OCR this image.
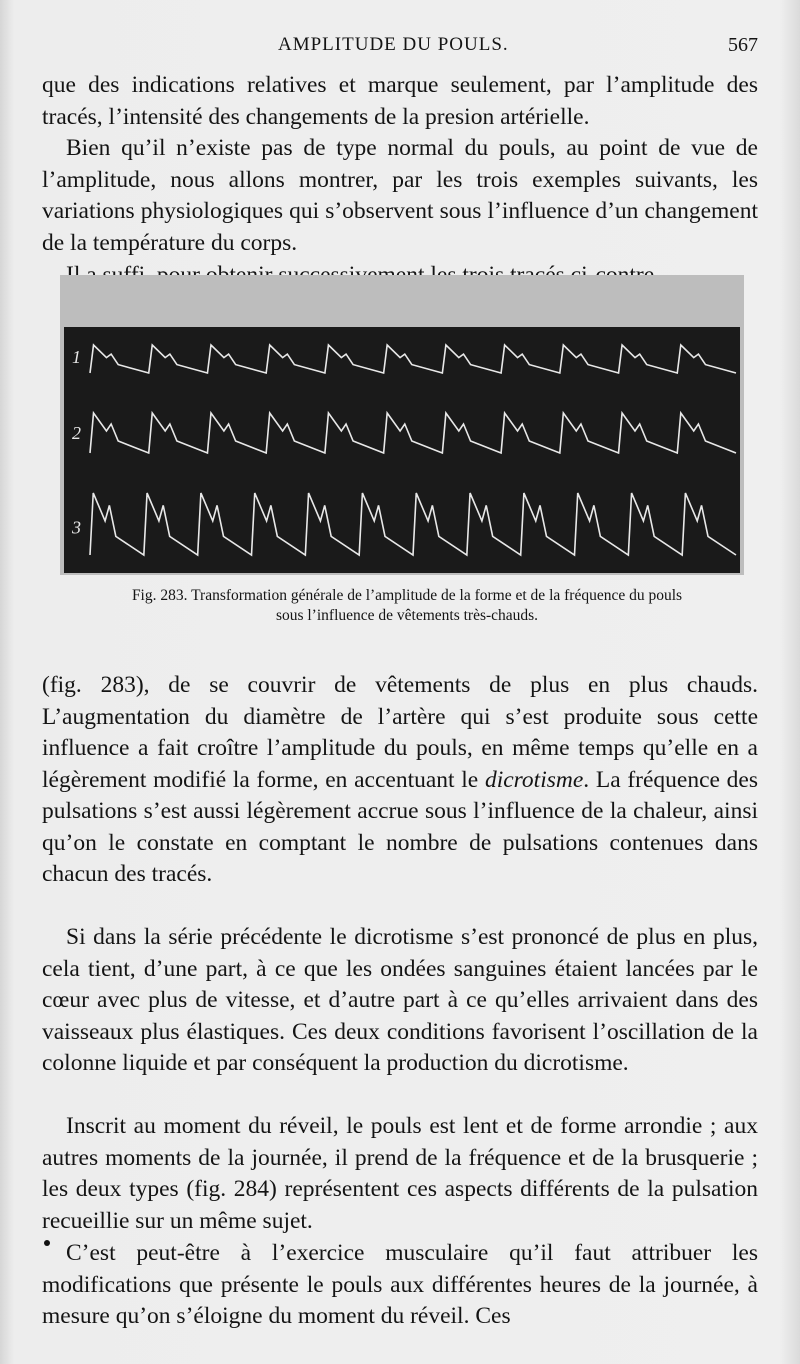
AMPLITUDE DU POULS.	567

que des indications relatives et marque seulement, par l’amplitude des tracés, l’intensité des changements de la presion artérielle.

Bien qu’il n’existe pas de type normal du pouls, au point de vue de l’amplitude, nous allons montrer, par les trois exemples suivants, les variations physiologiques qui s’observent sous l’influence d’un changement de la température du corps.

1
2
3

Fig. 283. Transformation générale de l’amplitude de la forme et de la fréquence du pouls
sous l’influence de vêtements très-chauds.

(fig. 283), de se couvrir de vêtements de plus en plus chauds. L’augmentation du diamètre de l’artère qui s’est produite sous cette influence a fait croître l’amplitude du pouls, en même temps qu’elle en a légèrement modifié la forme, en accentuant le dicrotisme. La fréquence des pulsations s’est aussi légèrement accrue sous l’influence de la chaleur, ainsi qu’on le constate en comptant le nombre de pulsations contenues dans chacun des tracés.

Si dans la série précédente le dicrotisme s’est prononcé de plus en plus, cela tient, d’une part, à ce que les ondées sanguines étaient lancées par le cœur avec plus de vitesse, et d’autre part à ce qu’elles arrivaient dans des vaisseaux plus élastiques. Ces deux conditions favorisent l’oscillation de la colonne liquide et par conséquent la production du dicrotisme.

Inscrit au moment du réveil, le pouls est lent et de forme arrondie ; aux autres moments de la journée, il prend de la fréquence et de la brusquerie ; les deux types (fig. 284) représentent ces aspects différents de la pulsation recueillie sur un même sujet.

C’est peut-être à l’exercice musculaire qu’il faut attribuer les modifications que présente le pouls aux différentes heures de la journée, à mesure qu’on s’éloigne du moment du réveil. Ces
